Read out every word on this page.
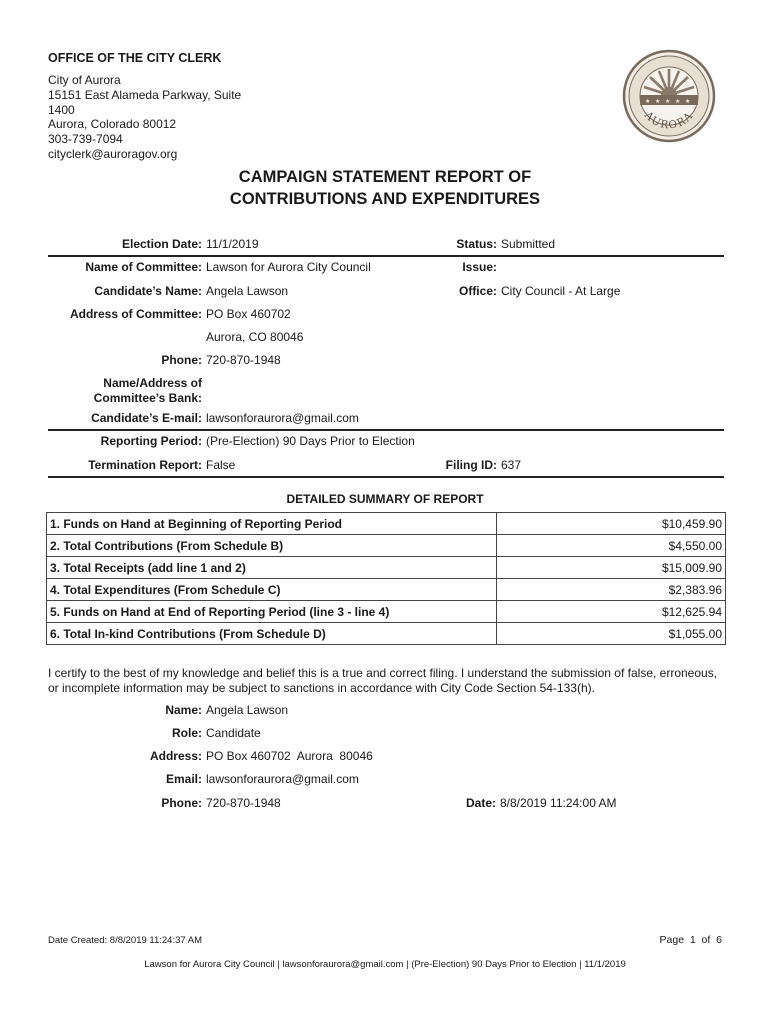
OFFICE OF THE CITY CLERK
City of Aurora
15151 East Alameda Parkway, Suite
1400
Aurora, Colorado 80012
303-739-7094
cityclerk@auroragov.org
★ ★ ★ ★ ★
AURORA
CAMPAIGN STATEMENT REPORT OF
CONTRIBUTIONS AND EXPENDITURES
Election Date: 11/1/2019	Status: Submitted
Name of Committee: Lawson for Aurora City Council	Issue:
Candidate’s Name: Angela Lawson	Office: City Council - At Large
Address of Committee: PO Box 460702
Aurora, CO 80046
Phone: 720-870-1948
Name/Address of
Committee’s Bank:
Candidate’s E-mail: lawsonforaurora@gmail.com
Reporting Period: (Pre-Election) 90 Days Prior to Election
Termination Report: False	Filing ID: 637
DETAILED SUMMARY OF REPORT
1. Funds on Hand at Beginning of Reporting Period	$10,459.90
2. Total Contributions (From Schedule B)	$4,550.00
3. Total Receipts (add line 1 and 2)	$15,009.90
4. Total Expenditures (From Schedule C)	$2,383.96
5. Funds on Hand at End of Reporting Period (line 3 - line 4)	$12,625.94
6. Total In-kind Contributions (From Schedule D)	$1,055.00
I certify to the best of my knowledge and belief this is a true and correct filing. I understand the submission of false, erroneous, or incomplete information may be subject to sanctions in accordance with City Code Section 54-133(h).
Name: Angela Lawson
Role: Candidate
Address: PO Box 460702  Aurora  80046
Email: lawsonforaurora@gmail.com
Phone: 720-870-1948	Date: 8/8/2019 11:24:00 AM
Date Created: 8/8/2019 11:24:37 AM	Page  1  of  6
Lawson for Aurora City Council | lawsonforaurora@gmail.com | (Pre-Election) 90 Days Prior to Election | 11/1/2019
